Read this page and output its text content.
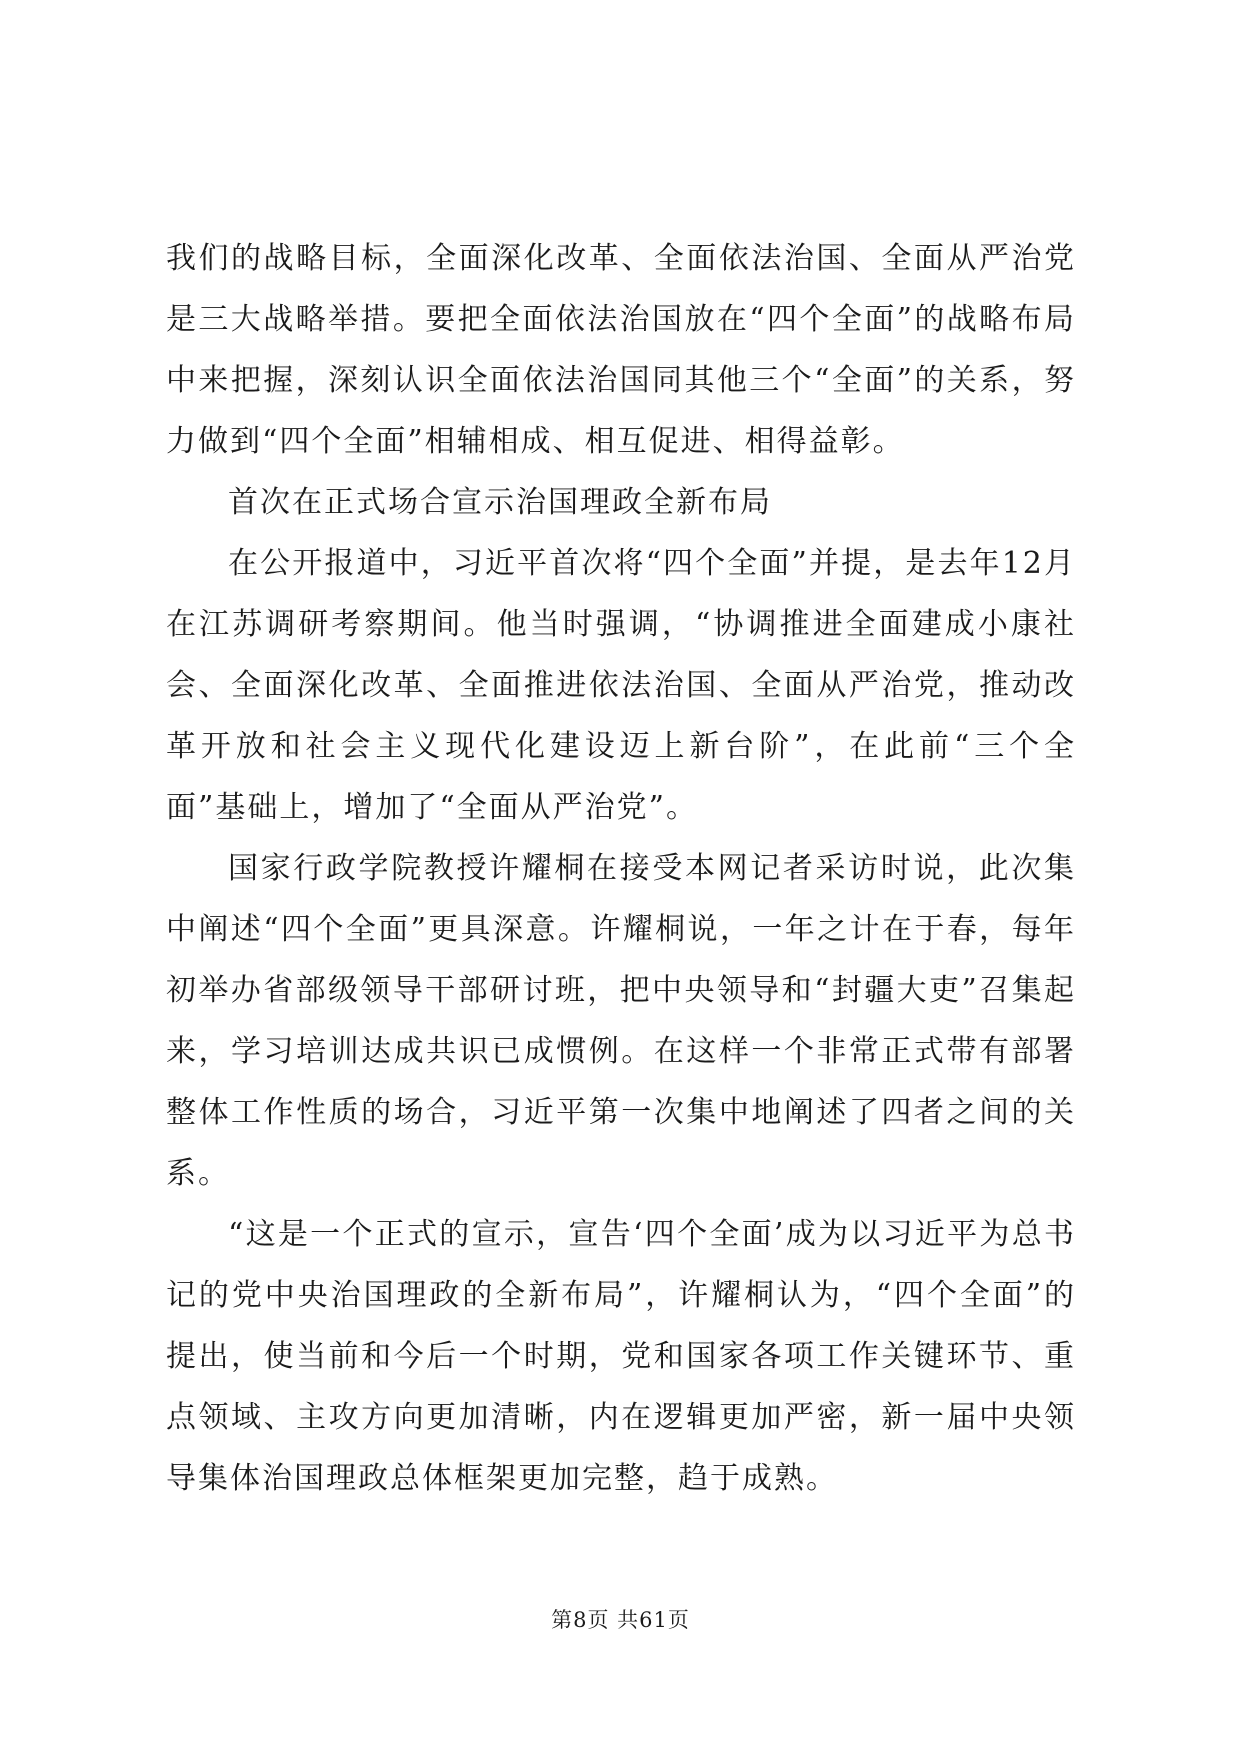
我们的战略目标，全面深化改革、全面依法治国、全面从严治党是三大战略举措。要把全面依法治国放在“四个全面”的战略布局中来把握，深刻认识全面依法治国同其他三个“全面”的关系，努力做到“四个全面”相辅相成、相互促进、相得益彰。

首次在正式场合宣示治国理政全新布局

在公开报道中，习近平首次将“四个全面”并提，是去年12月在江苏调研考察期间。他当时强调，“协调推进全面建成小康社会、全面深化改革、全面推进依法治国、全面从严治党，推动改革开放和社会主义现代化建设迈上新台阶”，在此前“三个全面”基础上，增加了“全面从严治党”。

国家行政学院教授许耀桐在接受本网记者采访时说，此次集中阐述“四个全面”更具深意。许耀桐说，一年之计在于春，每年初举办省部级领导干部研讨班，把中央领导和“封疆大吏”召集起来，学习培训达成共识已成惯例。在这样一个非常正式带有部署整体工作性质的场合，习近平第一次集中地阐述了四者之间的关系。

“这是一个正式的宣示，宣告‘四个全面’成为以习近平为总书记的党中央治国理政的全新布局”，许耀桐认为，“四个全面”的提出，使当前和今后一个时期，党和国家各项工作关键环节、重点领域、主攻方向更加清晰，内在逻辑更加严密，新一届中央领导集体治国理政总体框架更加完整，趋于成熟。

第8页 共61页
